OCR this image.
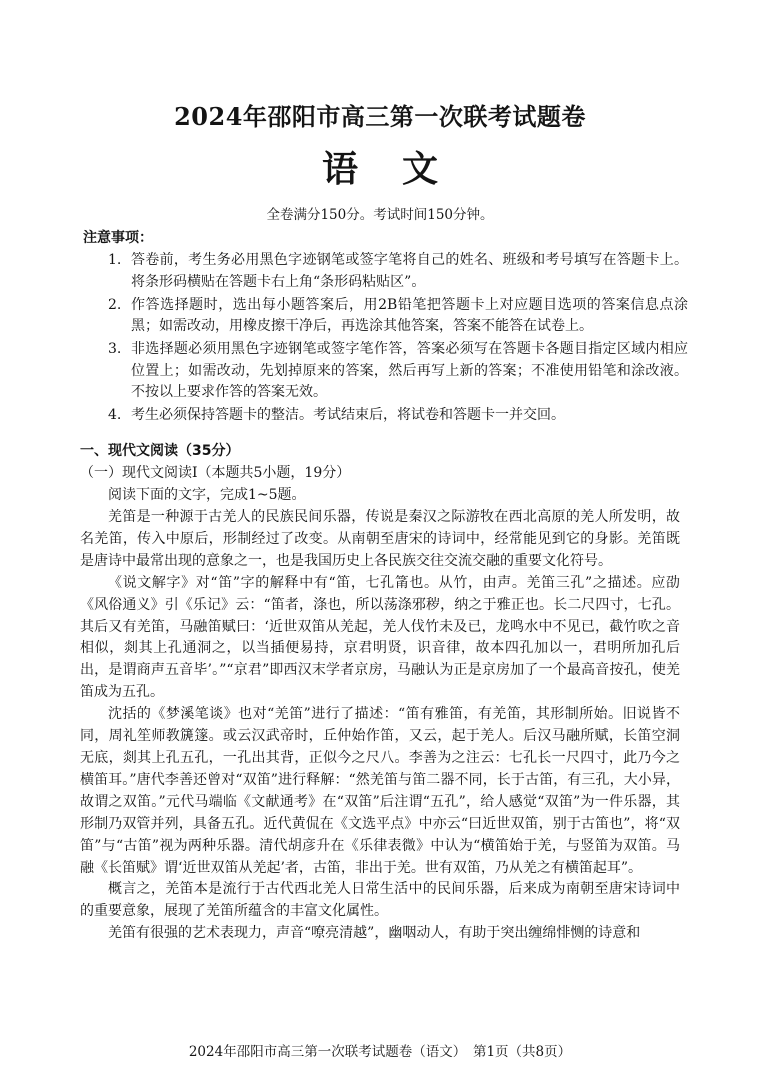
2024年邵阳市高三第一次联考试题卷
语 文
全卷满分150分。考试时间150分钟。
注意事项：
1. 答卷前，考生务必用黑色字迹钢笔或签字笔将自己的姓名、班级和考号填写在答题卡上。将条形码横贴在答题卡右上角“条形码粘贴区”。
2. 作答选择题时，选出每小题答案后，用2B铅笔把答题卡上对应题目选项的答案信息点涂黑；如需改动，用橡皮擦干净后，再选涂其他答案，答案不能答在试卷上。
3. 非选择题必须用黑色字迹钢笔或签字笔作答，答案必须写在答题卡各题目指定区域内相应位置上；如需改动，先划掉原来的答案，然后再写上新的答案；不准使用铅笔和涂改液。不按以上要求作答的答案无效。
4. 考生必须保持答题卡的整洁。考试结束后，将试卷和答题卡一并交回。
一、现代文阅读（35分）
（一）现代文阅读Ⅰ（本题共5小题，19分）
阅读下面的文字，完成1~5题。

羌笛是一种源于古羌人的民族民间乐器，传说是秦汉之际游牧在西北高原的羌人所发明，故名羌笛，传入中原后，形制经过了改变。从南朝至唐宋的诗词中，经常能见到它的身影。羌笛既是唐诗中最常出现的意象之一，也是我国历史上各民族交往交流交融的重要文化符号。

《说文解字》对“笛”字的解释中有“笛，七孔筩也。从竹，由声。羌笛三孔”之描述。应劭《风俗通义》引《乐记》云：“笛者，涤也，所以荡涤邪秽，纳之于雅正也。长二尺四寸，七孔。其后又有羌笛，马融笛赋曰：‘近世双笛从羌起，羌人伐竹未及已，龙鸣水中不见已，截竹吹之音相似，剡其上孔通洞之，以当插便易持，京君明贤，识音律，故本四孔加以一，君明所加孔后出，是谓商声五音毕’。”“京君”即西汉末学者京房，马融认为正是京房加了一个最高音按孔，使羌笛成为五孔。

沈括的《梦溪笔谈》也对“羌笛”进行了描述：“笛有雅笛，有羌笛，其形制所始。旧说皆不同，周礼笙师教篪篴。或云汉武帝时，丘仲始作笛，又云，起于羌人。后汉马融所赋，长笛空洞无底，剡其上孔五孔，一孔出其背，正似今之尺八。李善为之注云：七孔长一尺四寸，此乃今之横笛耳。”唐代李善还曾对“双笛”进行释解：“然羌笛与笛二器不同，长于古笛，有三孔，大小异，故谓之双笛。”元代马端临《文献通考》在“双笛”后注谓“五孔”，给人感觉“双笛”为一件乐器，其形制乃双管并列，具备五孔。近代黄侃在《文选平点》中亦云“曰近世双笛，别于古笛也”，将“双笛”与“古笛”视为两种乐器。清代胡彦升在《乐律表微》中认为“横笛始于羌，与竖笛为双笛。马融《长笛赋》谓‘近世双笛从羌起’者，古笛，非出于羌。世有双笛，乃从羌之有横笛起耳”。

概言之，羌笛本是流行于古代西北羌人日常生活中的民间乐器，后来成为南朝至唐宋诗词中的重要意象，展现了羌笛所蕴含的丰富文化属性。

羌笛有很强的艺术表现力，声音“嘹亮清越”，幽咽动人，有助于突出缠绵悱恻的诗意和

2024年邵阳市高三第一次联考试题卷（语文）　第1页（共8页）
